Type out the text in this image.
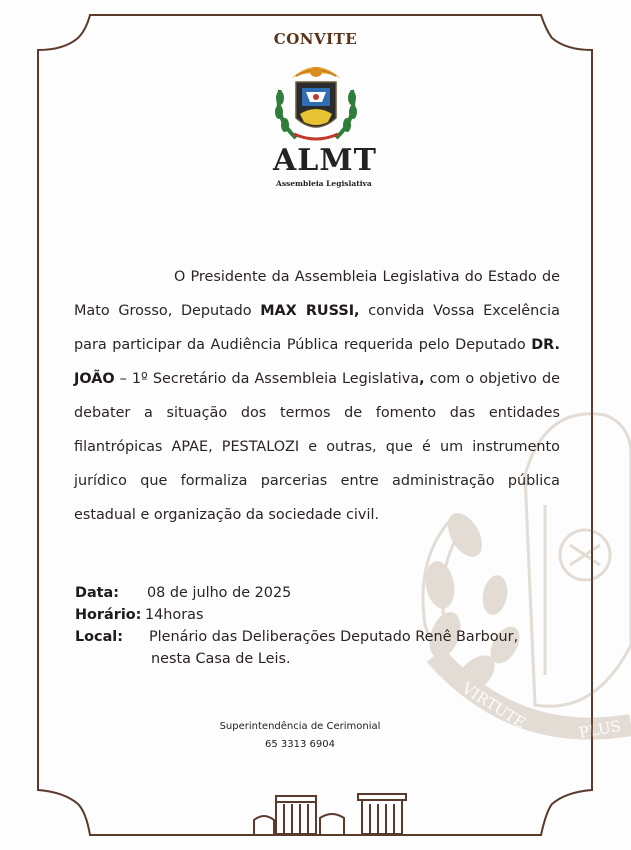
VIRTUTE	PLUS
CONVITE
ALMT
Assembleia Legislativa
O Presidente da Assembleia Legislativa do Estado de Mato Grosso, Deputado MAX RUSSI, convida Vossa Excelência para participar da Audiência Pública requerida pelo Deputado DR. JOÃO – 1º Secretário da Assembleia Legislativa, com o objetivo de debater a situação dos termos de fomento das entidades filantrópicas APAE, PESTALOZI e outras, que é um instrumento jurídico que formaliza parcerias entre administração pública estadual e organização da sociedade civil.
Data: 08 de julho de 2025
Horário: 14horas
Local: Plenário das Deliberações Deputado Renê Barbour,
nesta Casa de Leis.
Superintendência de Cerimonial
65 3313 6904
